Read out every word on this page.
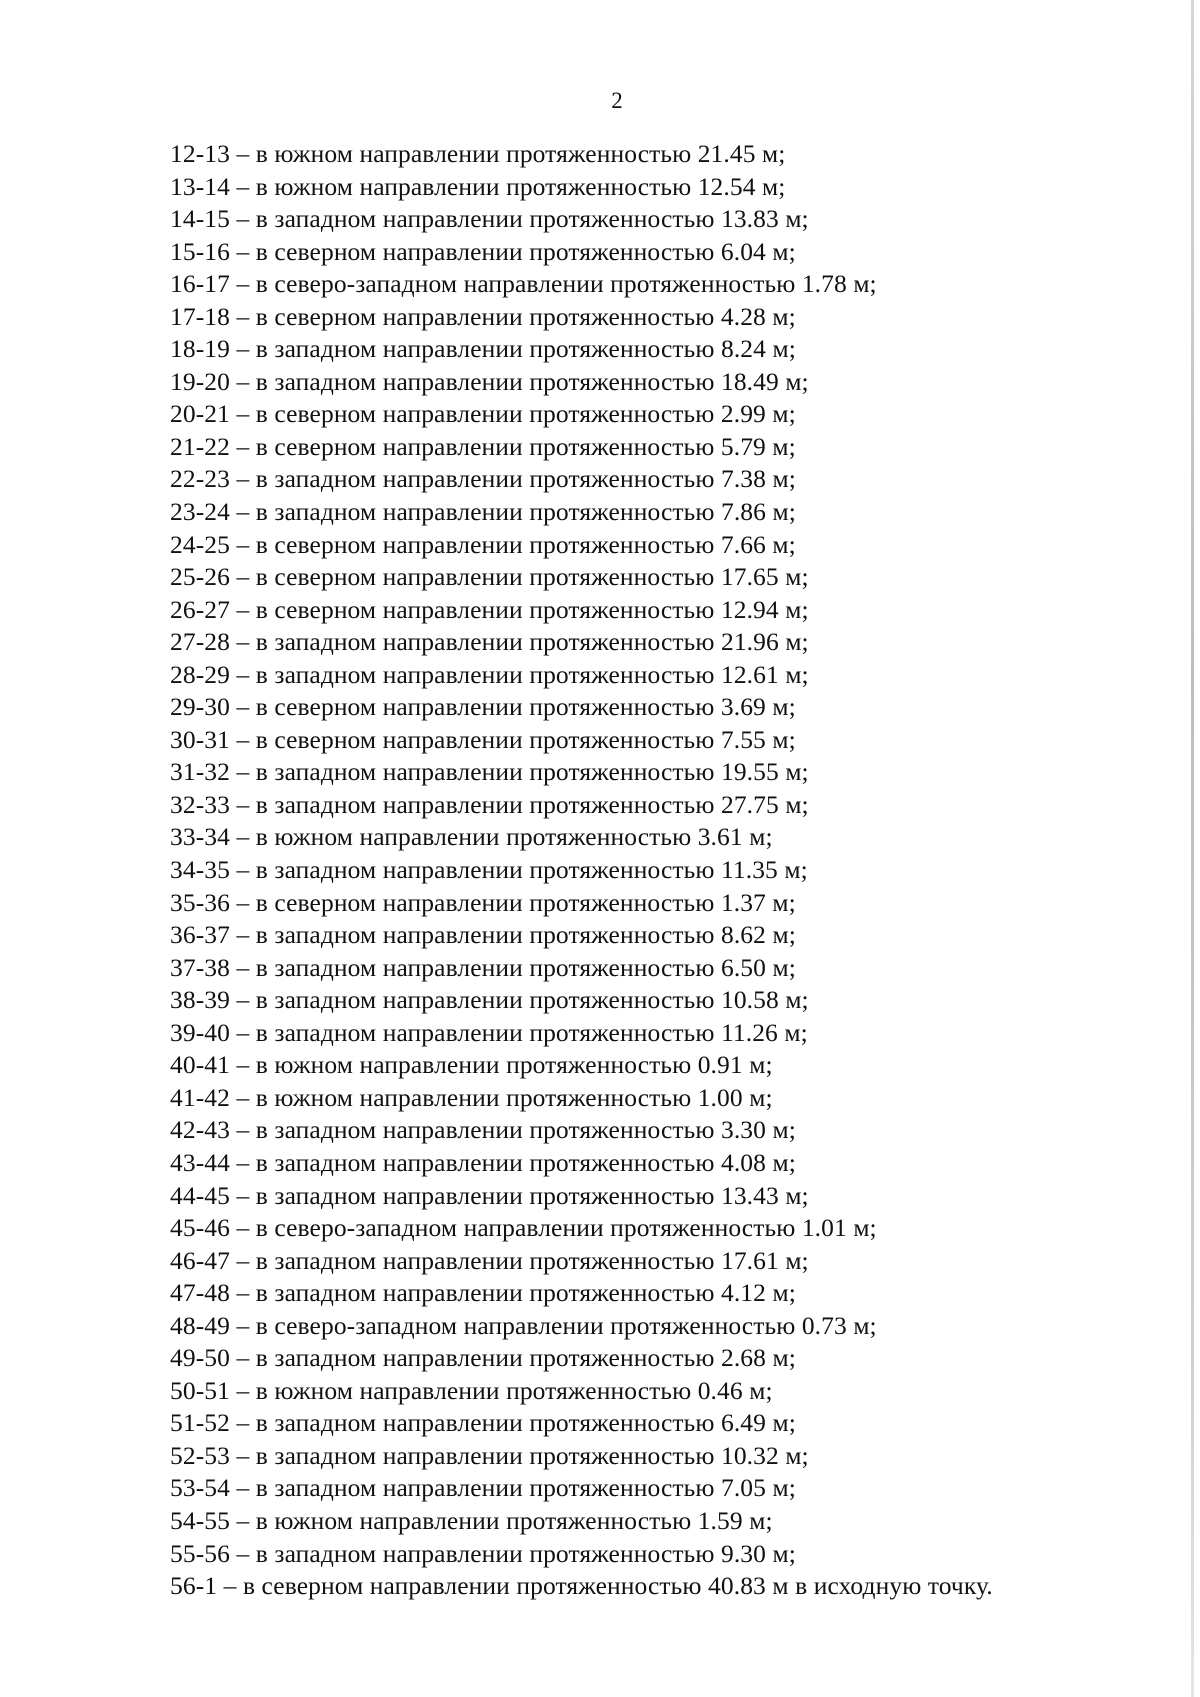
2
12-13 – в южном направлении протяженностью 21.45 м;
13-14 – в южном направлении протяженностью 12.54 м;
14-15 – в западном направлении протяженностью 13.83 м;
15-16 – в северном направлении протяженностью 6.04 м;
16-17 – в северо-западном направлении протяженностью 1.78 м;
17-18 – в северном направлении протяженностью 4.28 м;
18-19 – в западном направлении протяженностью 8.24 м;
19-20 – в западном направлении протяженностью 18.49 м;
20-21 – в северном направлении протяженностью 2.99 м;
21-22 – в северном направлении протяженностью 5.79 м;
22-23 – в западном направлении протяженностью 7.38 м;
23-24 – в западном направлении протяженностью 7.86 м;
24-25 – в северном направлении протяженностью 7.66 м;
25-26 – в северном направлении протяженностью 17.65 м;
26-27 – в северном направлении протяженностью 12.94 м;
27-28 – в западном направлении протяженностью 21.96 м;
28-29 – в западном направлении протяженностью 12.61 м;
29-30 – в северном направлении протяженностью 3.69 м;
30-31 – в северном направлении протяженностью 7.55 м;
31-32 – в западном направлении протяженностью 19.55 м;
32-33 – в западном направлении протяженностью 27.75 м;
33-34 – в южном направлении протяженностью 3.61 м;
34-35 – в западном направлении протяженностью 11.35 м;
35-36 – в северном направлении протяженностью 1.37 м;
36-37 – в западном направлении протяженностью 8.62 м;
37-38 – в западном направлении протяженностью 6.50 м;
38-39 – в западном направлении протяженностью 10.58 м;
39-40 – в западном направлении протяженностью 11.26 м;
40-41 – в южном направлении протяженностью 0.91 м;
41-42 – в южном направлении протяженностью 1.00 м;
42-43 – в западном направлении протяженностью 3.30 м;
43-44 – в западном направлении протяженностью 4.08 м;
44-45 – в западном направлении протяженностью 13.43 м;
45-46 – в северо-западном направлении протяженностью 1.01 м;
46-47 – в западном направлении протяженностью 17.61 м;
47-48 – в западном направлении протяженностью 4.12 м;
48-49 – в северо-западном направлении протяженностью 0.73 м;
49-50 – в западном направлении протяженностью 2.68 м;
50-51 – в южном направлении протяженностью 0.46 м;
51-52 – в западном направлении протяженностью 6.49 м;
52-53 – в западном направлении протяженностью 10.32 м;
53-54 – в западном направлении протяженностью 7.05 м;
54-55 – в южном направлении протяженностью 1.59 м;
55-56 – в западном направлении протяженностью 9.30 м;
56-1 – в северном направлении протяженностью 40.83 м в исходную точку.
